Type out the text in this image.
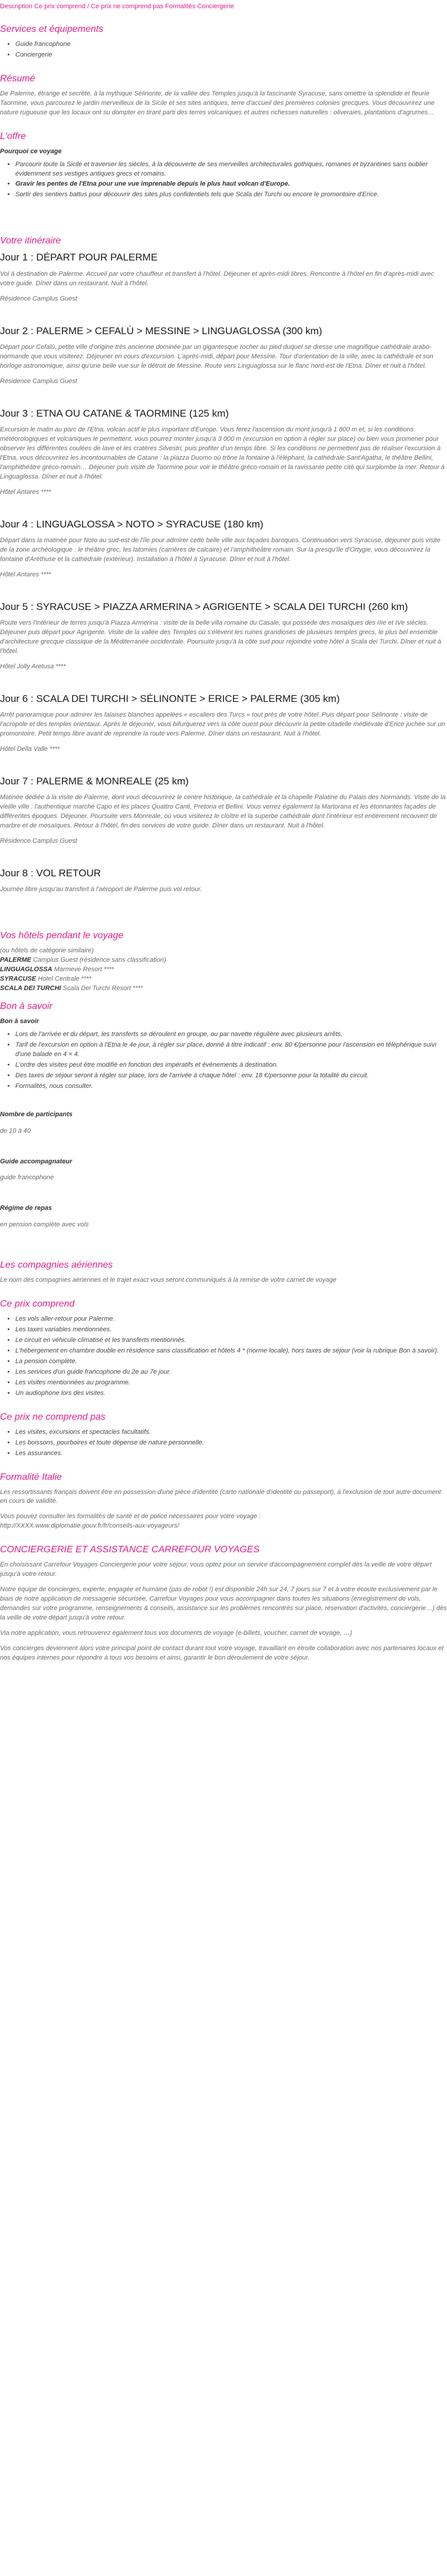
Description Ce prix comprend / Ce prix ne comprend pas Formalités Conciergerie
Services et équipements
• Guide francophone
• Conciergerie
Résumé

De Palerme, étrange et secrète, à la mythique Sélinonte, de la vallée des Temples jusqu'à la fascinante Syracuse, sans omettre la splendide et fleurie Taormine, vous parcourez le jardin merveilleux de la Sicile et ses sites antiques, terre d'accueil des premières colonies grecques. Vous découvrirez une nature rugueuse que les locaux ont su dompter en tirant parti des terres volcaniques et autres richesses naturelles : oliveraies, plantations d'agrumes…

L'offre
Pourquoi ce voyage
• Parcourir toute la Sicile et traverser les siècles, à la découverte de ses merveilles architecturales gothiques, romanes et byzantines sans oublier évidemment ses vestiges antiques grecs et romains.
• Gravir les pentes de l'Etna pour une vue imprenable depuis le plus haut volcan d'Europe.
• Sortir des sentiers battus pour découvrir des sites plus confidentiels tels que Scala dei Turchi ou encore le promontoire d'Erice.
Votre itinéraire
Jour 1 : DÉPART POUR PALERME

Vol à destination de Palerme. Accueil par votre chauffeur et transfert à l'hôtel. Déjeuner et après-midi libres. Rencontre à l'hôtel en fin d'après-midi avec votre guide. Dîner dans un restaurant. Nuit à l'hôtel.

Résidence Camplus Guest

Jour 2 : PALERME > CEFALÙ > MESSINE > LINGUAGLOSSA (300 km)

Départ pour Cefalù, petite ville d'origine très ancienne dominée par un gigantesque rocher au pied duquel se dresse une magnifique cathédrale arabo-normande que vous visiterez. Déjeuner en cours d'excursion. L'après-midi, départ pour Messine. Tour d'orientation de la ville, avec la cathédrale et son horloge astronomique, ainsi qu'une belle vue sur le détroit de Messine. Route vers Linguaglossa sur le flanc nord-est de l'Etna. Dîner et nuit à l'hôtel.

Résidence Camplus Guest

Jour 3 : ETNA OU CATANE & TAORMINE (125 km)

Excursion le matin au parc de l'Etna, volcan actif le plus important d'Europe. Vous ferez l'ascension du mont jusqu'à 1 800 m et, si les conditions météorologiques et volcaniques le permettent, vous pourrez monter jusqu'à 3 000 m (excursion en option à régler sur place) ou bien vous promener pour observer les différentes coulées de lave et les cratères Silvestri, puis profiter d'un temps libre. Si les conditions ne permettent pas de réaliser l'excursion à l'Etna, vous découvrirez les incontournables de Catane : la piazza Duomo où trône la fontaine à l'éléphant, la cathédrale Sant'Agatha, le théâtre Bellini, l'amphithéâtre gréco-romain… Déjeuner puis visite de Taormine pour voir le théâtre gréco-romain et la ravissante petite cité qui surplombe la mer. Retour à Linguaglossa. Dîner et nuit à l'hôtel.

Hôtel Antares ****

Jour 4 : LINGUAGLOSSA > NOTO > SYRACUSE (180 km)

Départ dans la matinée pour Noto au sud-est de l'île pour admirer cette belle ville aux façades baroques. Continuation vers Syracuse, déjeuner puis visite de la zone archéologique : le théâtre grec, les latomies (carrières de calcaire) et l'amphithéâtre romain. Sur la presqu'île d'Ortygie, vous découvrirez la fontaine d'Aréthuse et la cathédrale (extérieur). Installation à l'hôtel à Syracuse. Dîner et nuit à l'hôtel.

Hôtel Antares ****

Jour 5 : SYRACUSE > PIAZZA ARMERINA > AGRIGENTE > SCALA DEI TURCHI (260 km)

Route vers l'intérieur de terres jusqu'à Piazza Armerina : visite de la belle villa romaine du Casale, qui possède des mosaïques des IIIe et IVe siècles. Déjeuner puis départ pour Agrigente. Visite de la vallée des Temples où s'élèvent les ruines grandioses de plusieurs temples grecs, le plus bel ensemble d'architecture grecque classique de la Méditerranée occidentale. Poursuite jusqu'à la côte sud pour rejoindre votre hôtel à Scala dei Turchi. Dîner et nuit à l'hôtel.

Hôtel Jolly Aretusa ****

Jour 6 : SCALA DEI TURCHI > SÉLINONTE > ERICE > PALERME (305 km)

Arrêt panoramique pour admirer les falaises blanches appelées « escaliers des Turcs » tout près de votre hôtel. Puis départ pour Sélinonte : visite de l'acropole et des temples orientaux. Après le déjeuner, vous bifurquerez vers la côte ouest pour découvrir la petite citadelle médiévale d'Erice juchée sur un promontoire. Petit temps libre avant de reprendre la route vers Palerme. Dîner dans un restaurant. Nuit à l'hôtel.

Hôtel Della Valle ****

Jour 7 : PALERME & MONREALE (25 km)

Matinée dédiée à la visite de Palerme, dont vous découvrirez le centre historique, la cathédrale et la chapelle Palatine du Palais des Normands. Visite de la vieille ville : l'authentique marché Capo et les places Quattro Canti, Pretoria et Bellini. Vous verrez également la Martorana et les étonnantes façades de différentes époques. Déjeuner. Poursuite vers Monreale, où vous visiterez le cloître et la superbe cathédrale dont l'intérieur est entièrement recouvert de marbre et de mosaïques. Retour à l'hôtel, fin des services de votre guide. Dîner dans un restaurant. Nuit à l'hôtel.

Résidence Camplus Guest

Jour 8 : VOL RETOUR

Journée libre jusqu'au transfert à l'aéroport de Palerme puis vol retour.

Vos hôtels pendant le voyage

(ou hôtels de catégorie similaire)

PALERME Camplus Guest (résidence sans classification)

LINGUAGLOSSA Marmeve Resort ****

SYRACUSE Hotel Centrale ****

SCALA DEI TURCHI Scala Dei Turchi Resort ****

Bon à savoir
Bon à savoir
• Lors de l'arrivée et du départ, les transferts se déroulent en groupe, ou par navette régulière avec plusieurs arrêts.
• Tarif de l'excursion en option à l'Etna le 4e jour, à régler sur place, donné à titre indicatif : env. 80 €/personne pour l'ascension en téléphérique suivi d'une balade en 4 × 4.
• L'ordre des visites peut être modifié en fonction des impératifs et événements à destination.
• Des taxes de séjour seront à régler sur place, lors de l'arrivée à chaque hôtel : env. 18 €/personne pour la totalité du circuit.
• Formalités, nous consulter.

Nombre de participants

de 10 à 40

Guide accompagnateur

guide francophone

Régime de repas

en pension complète avec vols

Les compagnies aériennes

Le nom des compagnies aériennes et le trajet exact vous seront communiqués à la remise de votre carnet de voyage

Ce prix comprend
• Les vols aller-retour pour Palerme.
• Les taxes variables mentionnées.
• Le circuit en véhicule climatisé et les transferts mentionnés.
• L'hébergement en chambre double en résidence sans classification et hôtels 4 * (norme locale), hors taxes de séjour (voir la rubrique Bon à savoir).
• La pension complète.
• Les services d'un guide francophone du 2e au 7e jour.
• Les visites mentionnées au programme.
• Un audiophone lors des visites.
Ce prix ne comprend pas
• Les visites, excursions et spectacles facultatifs.
• Les boissons, pourboires et toute dépense de nature personnelle.
• Les assurances.
Formalité Italie

Les ressortissants français doivent être en possession d'une pièce d'identité (carte nationale d'identité ou passeport), à l'exclusion de tout autre document en cours de validité.

Vous pouvez consulter les formalités de santé et de police nécessaires pour votre voyage :

http://XXXX.www.diplomatie.gouv.fr/fr/conseils-aux-voyageurs/

CONCIERGERIE ET ASSISTANCE CARREFOUR VOYAGES

En choisissant Carrefour Voyages Conciergerie pour votre séjour, vous optez pour un service d'accompagnement complet dès la veille de votre départ jusqu'à votre retour.

Notre équipe de concierges, experte, engagée et humaine (pas de robot !) est disponible 24h sur 24, 7 jours sur 7 et à votre écoute exclusivement par le biais de notre application de messagerie sécurisée, Carrefour Voyages pour vous accompagner dans toutes les situations (enregistrement de vols, demandes sur votre programme, renseignements & conseils, assistance sur les problèmes rencontrés sur place, réservation d'activités, conciergerie…) dès la veille de votre départ jusqu'à votre retour.

Via notre application, vous retrouverez également tous vos documents de voyage (e-billets, voucher, carnet de voyage, …)

Vos concierges deviennent alors votre principal point de contact durant tout votre voyage, travaillant en étroite collaboration avec nos partenaires locaux et nos équipes internes pour répondre à tous vos besoins et ainsi, garantir le bon déroulement de votre séjour.
